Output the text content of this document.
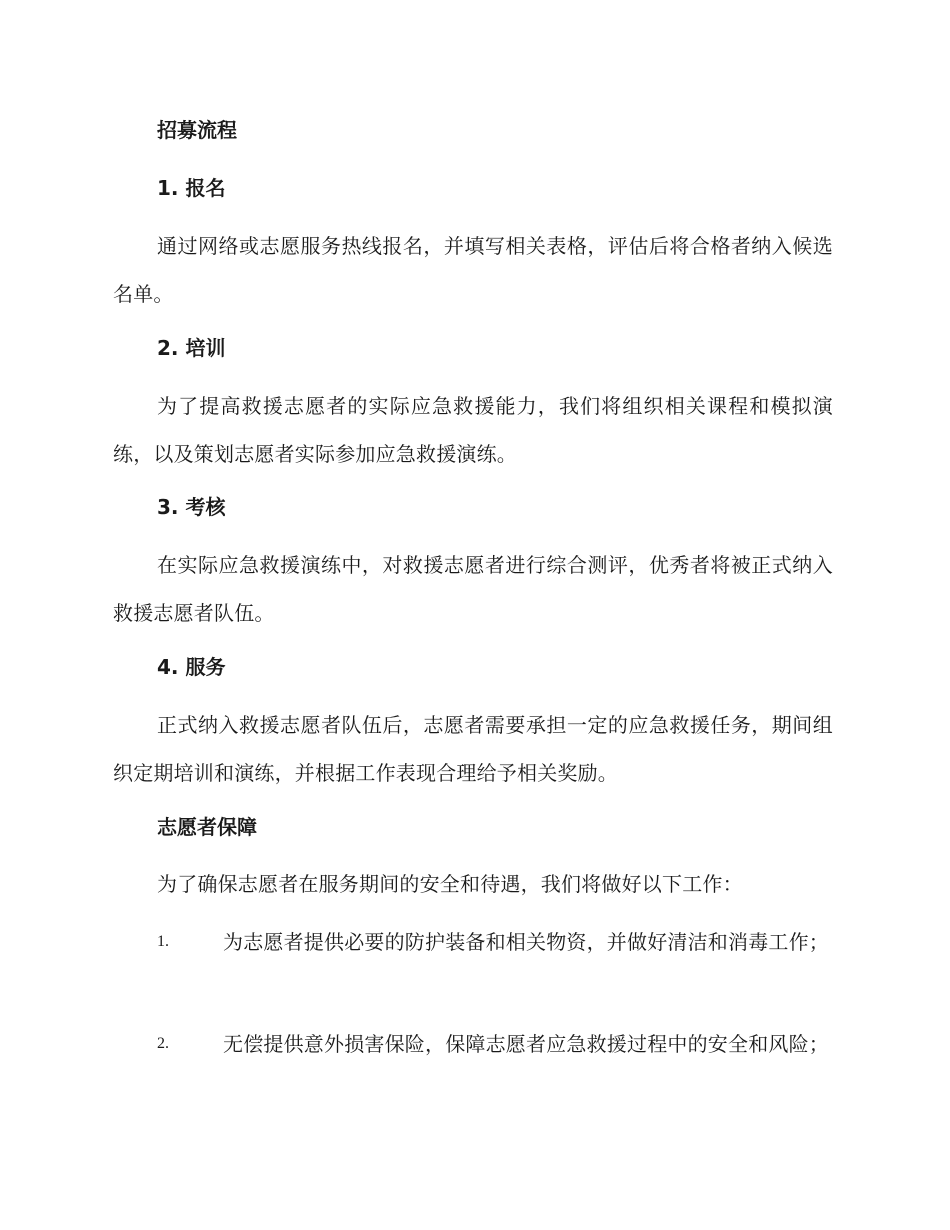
招募流程
1. 报名
通过网络或志愿服务热线报名，并填写相关表格，评估后将合格者纳入候选名单。
2. 培训
为了提高救援志愿者的实际应急救援能力，我们将组织相关课程和模拟演练，以及策划志愿者实际参加应急救援演练。
3. 考核
在实际应急救援演练中，对救援志愿者进行综合测评，优秀者将被正式纳入救援志愿者队伍。
4. 服务
正式纳入救援志愿者队伍后，志愿者需要承担一定的应急救援任务，期间组织定期培训和演练，并根据工作表现合理给予相关奖励。
志愿者保障
为了确保志愿者在服务期间的安全和待遇，我们将做好以下工作：
1.	为志愿者提供必要的防护装备和相关物资，并做好清洁和消毒工作；
2.	无偿提供意外损害保险，保障志愿者应急救援过程中的安全和风险；
